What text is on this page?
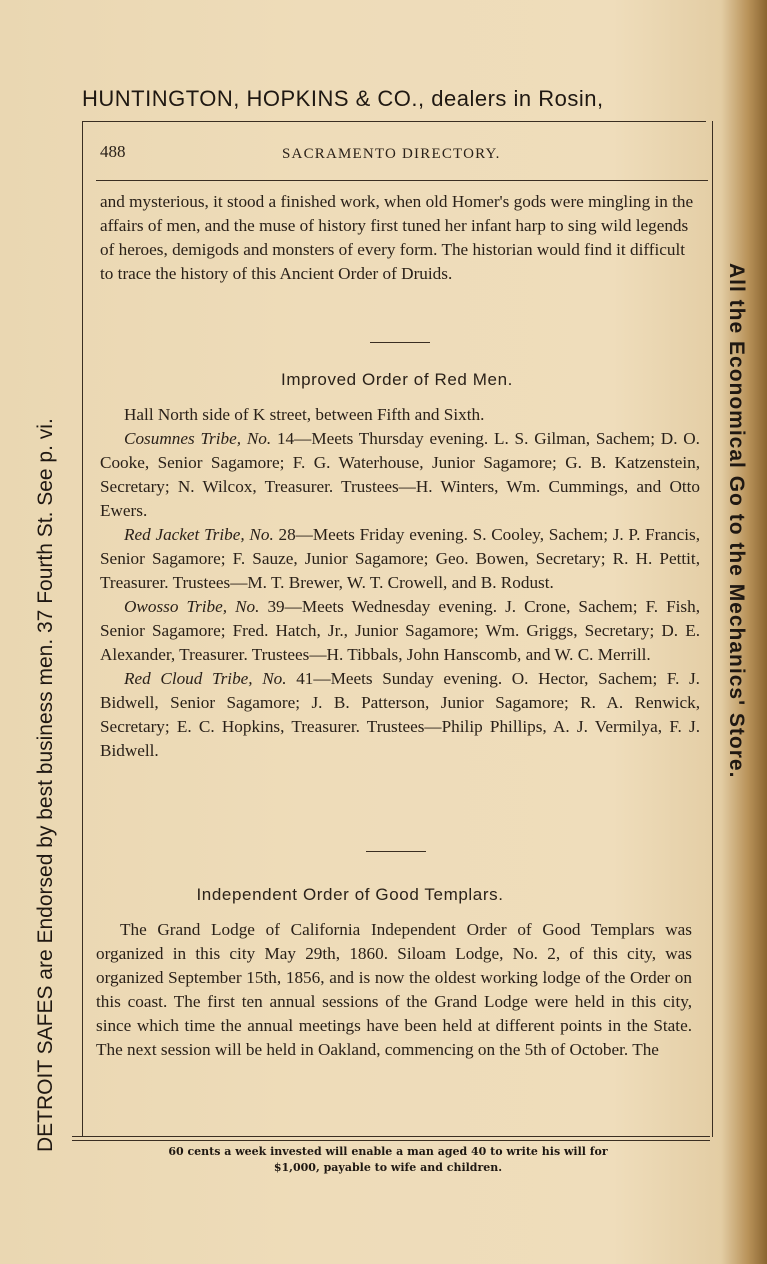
HUNTINGTON, HOPKINS & CO., dealers in Rosin,
DETROIT SAFES are Endorsed by best business men. 37 Fourth St. See p. vi.	All the Economical Go to the Mechanics' Store.
488	SACRAMENTO DIRECTORY.

and mysterious, it stood a finished work, when old Homer's gods were mingling in the affairs of men, and the muse of history first tuned her infant harp to sing wild legends of heroes, demigods and monsters of every form. The historian would find it difficult to trace the history of this Ancient Order of Druids.

Improved Order of Red Men.

Hall North side of K street, between Fifth and Sixth.

Cosumnes Tribe, No. 14—Meets Thursday evening. L. S. Gilman, Sachem; D. O. Cooke, Senior Sagamore; F. G. Waterhouse, Junior Sagamore; G. B. Katzenstein, Secretary; N. Wilcox, Treasurer. Trustees—H. Winters, Wm. Cummings, and Otto Ewers.

Red Jacket Tribe, No. 28—Meets Friday evening. S. Cooley, Sachem; J. P. Francis, Senior Sagamore; F. Sauze, Junior Sagamore; Geo. Bowen, Secretary; R. H. Pettit, Treasurer. Trustees—M. T. Brewer, W. T. Crowell, and B. Rodust.

Owosso Tribe, No. 39—Meets Wednesday evening. J. Crone, Sachem; F. Fish, Senior Sagamore; Fred. Hatch, Jr., Junior Sagamore; Wm. Griggs, Secretary; D. E. Alexander, Treasurer. Trustees—H. Tibbals, John Hanscomb, and W. C. Merrill.

Red Cloud Tribe, No. 41—Meets Sunday evening. O. Hector, Sachem; F. J. Bidwell, Senior Sagamore; J. B. Patterson, Junior Sagamore; R. A. Renwick, Secretary; E. C. Hopkins, Treasurer. Trustees—Philip Phillips, A. J. Vermilya, F. J. Bidwell.

Independent Order of Good Templars.

The Grand Lodge of California Independent Order of Good Templars was organized in this city May 29th, 1860. Siloam Lodge, No. 2, of this city, was organized September 15th, 1856, and is now the oldest working lodge of the Order on this coast. The first ten annual sessions of the Grand Lodge were held in this city, since which time the annual meetings have been held at different points in the State. The next session will be held in Oakland, commencing on the 5th of October. The

60 cents a week invested will enable a man aged 40 to write his will for
$1,000, payable to wife and children.
